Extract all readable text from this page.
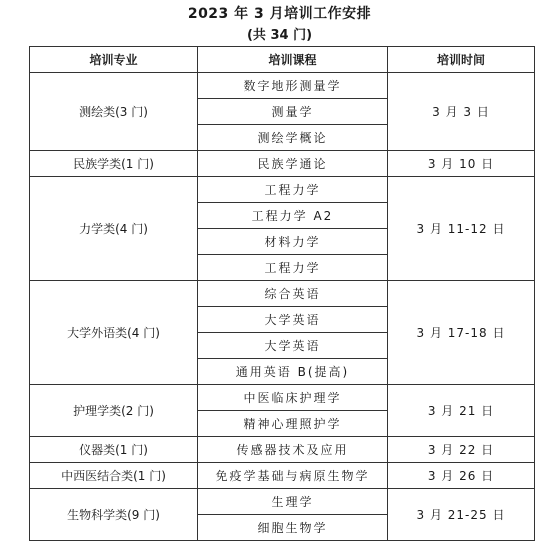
2023 年 3 月培训工作安排
(共 34 门)
培训专业	培训课程	培训时间
测绘类(3 门)	数字地形测量学	3 月 3 日
	测量学	
	测绘学概论	
民族学类(1 门)	民族学通论	3 月 10 日
力学类(4 门)	工程力学	3 月 11-12 日
	工程力学 A2	
	材料力学	
	工程力学	
大学外语类(4 门)	综合英语	3 月 17-18 日
	大学英语	
	大学英语	
	通用英语 B(提高)	
护理学类(2 门)	中医临床护理学	3 月 21 日
	精神心理照护学	
仪器类(1 门)	传感器技术及应用	3 月 22 日
中西医结合类(1 门)	免疫学基础与病原生物学	3 月 26 日
生物科学类(9 门)	生理学	3 月 21-25 日
	细胞生物学	
